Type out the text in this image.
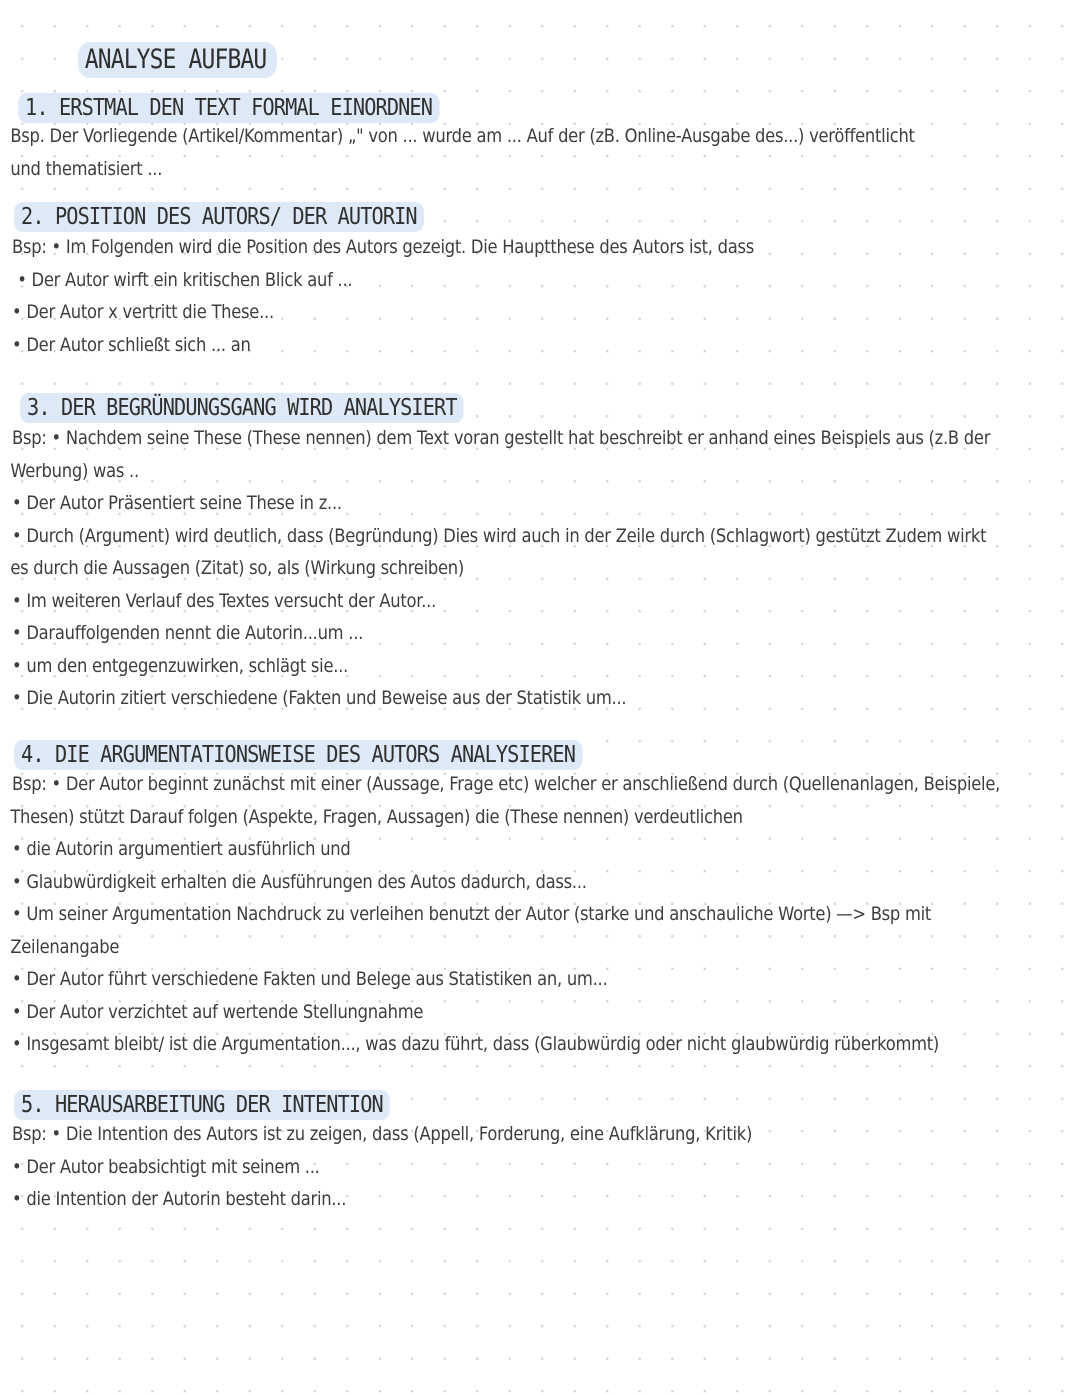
ANALYSE AUFBAU
1. ERSTMAL DEN TEXT FORMAL EINORDNEN
Bsp. Der Vorliegende (Artikel/Kommentar) „" von ... wurde am ... Auf der (zB. Online-Ausgabe des...) veröffentlicht
und thematisiert ...
2. POSITION DES AUTORS/ DER AUTORIN
Bsp: • Im Folgenden wird die Position des Autors gezeigt. Die Hauptthese des Autors ist, dass
• Der Autor wirft ein kritischen Blick auf ...
• Der Autor x vertritt die These...
• Der Autor schließt sich ... an
3. DER BEGRÜNDUNGSGANG WIRD ANALYSIERT
Bsp: • Nachdem seine These (These nennen) dem Text voran gestellt hat beschreibt er anhand eines Beispiels aus (z.B der
Werbung) was ..
• Der Autor Präsentiert seine These in z...
• Durch (Argument) wird deutlich, dass (Begründung) Dies wird auch in der Zeile durch (Schlagwort) gestützt Zudem wirkt
es durch die Aussagen (Zitat) so, als (Wirkung schreiben)
• Im weiteren Verlauf des Textes versucht der Autor...
• Darauffolgenden nennt die Autorin...um ...
• um den entgegenzuwirken, schlägt sie...
• Die Autorin zitiert verschiedene (Fakten und Beweise aus der Statistik um...
4. DIE ARGUMENTATIONSWEISE DES AUTORS ANALYSIEREN
Bsp: • Der Autor beginnt zunächst mit einer (Aussage, Frage etc) welcher er anschließend durch (Quellenanlagen, Beispiele,
Thesen) stützt Darauf folgen (Aspekte, Fragen, Aussagen) die (These nennen) verdeutlichen
• die Autorin argumentiert ausführlich und
• Glaubwürdigkeit erhalten die Ausführungen des Autos dadurch, dass...
• Um seiner Argumentation Nachdruck zu verleihen benutzt der Autor (starke und anschauliche Worte) —> Bsp mit
Zeilenangabe
• Der Autor führt verschiedene Fakten und Belege aus Statistiken an, um...
• Der Autor verzichtet auf wertende Stellungnahme
• Insgesamt bleibt/ ist die Argumentation..., was dazu führt, dass (Glaubwürdig oder nicht glaubwürdig rüberkommt)
5. HERAUSARBEITUNG DER INTENTION
Bsp: • Die Intention des Autors ist zu zeigen, dass (Appell, Forderung, eine Aufklärung, Kritik)
• Der Autor beabsichtigt mit seinem ...
• die Intention der Autorin besteht darin...
